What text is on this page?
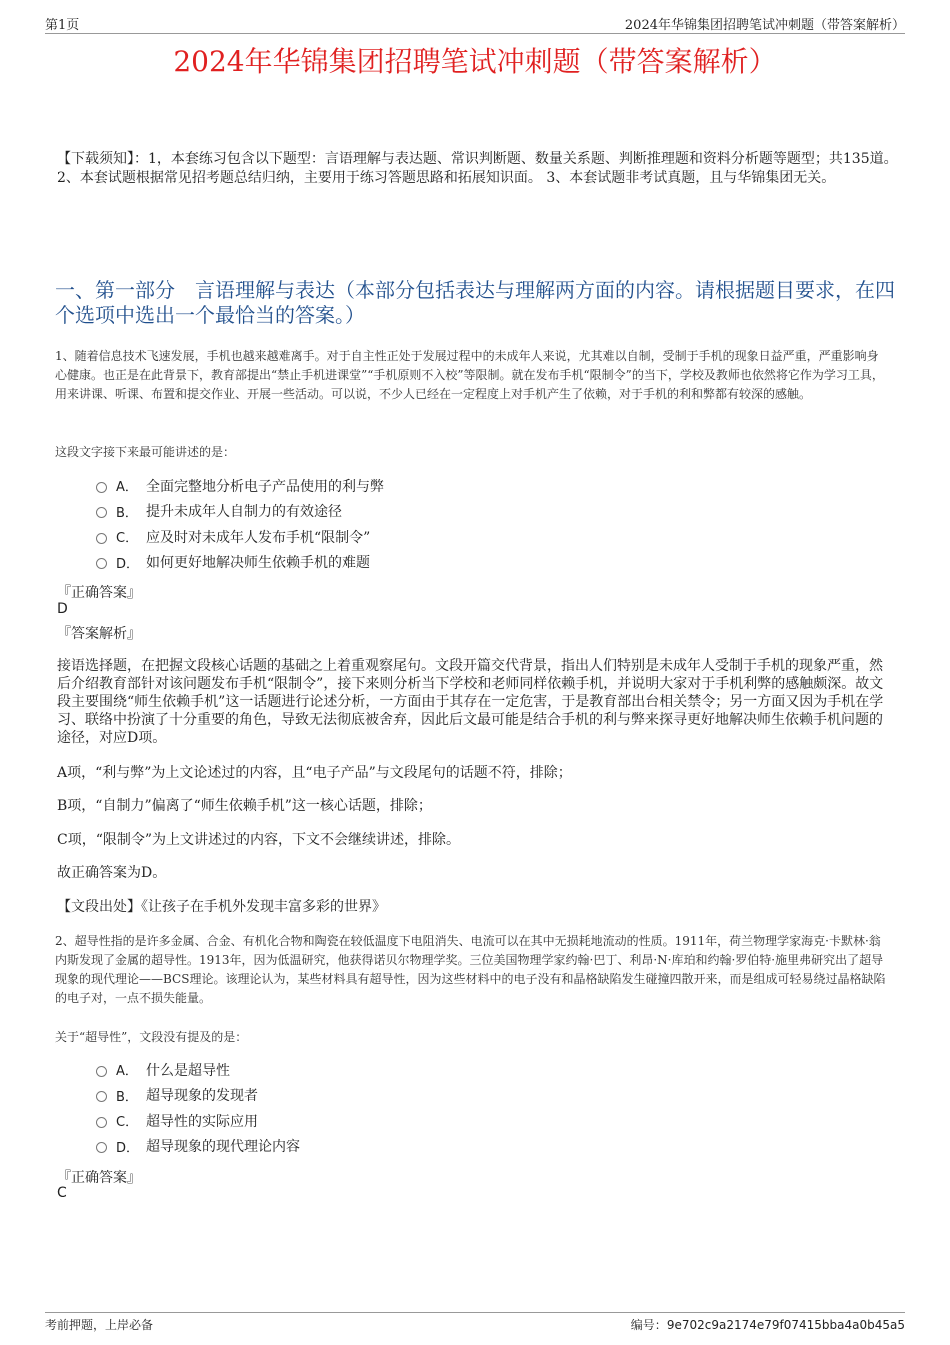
第1页	2024年华锦集团招聘笔试冲刺题（带答案解析）
2024年华锦集团招聘笔试冲刺题（带答案解析）

【下载须知】：1，本套练习包含以下题型：言语理解与表达题、常识判断题、数量关系题、判断推理题和资料分析题等题型；共135道。 2、本套试题根据常见招考题总结归纳，主要用于练习答题思路和拓展知识面。 3、本套试题非考试真题，且与华锦集团无关。

一、第一部分　言语理解与表达（本部分包括表达与理解两方面的内容。请根据题目要求，在四个选项中选出一个最恰当的答案。）

1、随着信息技术飞速发展，手机也越来越难离手。对于自主性正处于发展过程中的未成年人来说，尤其难以自制，受制于手机的现象日益严重，严重影响身心健康。也正是在此背景下，教育部提出“禁止手机进课堂”“手机原则不入校”等限制。就在发布手机“限制令”的当下，学校及教师也依然将它作为学习工具，用来讲课、听课、布置和提交作业、开展一些活动。可以说，不少人已经在一定程度上对手机产生了依赖，对于手机的利和弊都有较深的感触。

这段文字接下来最可能讲述的是：

A． 全面完整地分析电子产品使用的利与弊
B． 提升未成年人自制力的有效途径
C． 应及时对未成年人发布手机“限制令”
D． 如何更好地解决师生依赖手机的难题

『正确答案』

D

『答案解析』

接语选择题，在把握文段核心话题的基础之上着重观察尾句。文段开篇交代背景，指出人们特别是未成年人受制于手机的现象严重，然后介绍教育部针对该问题发布手机“限制令”，接下来则分析当下学校和老师同样依赖手机，并说明大家对于手机利弊的感触颇深。故文段主要围绕“师生依赖手机”这一话题进行论述分析，一方面由于其存在一定危害，于是教育部出台相关禁令；另一方面又因为手机在学习、联络中扮演了十分重要的角色，导致无法彻底被舍弃，因此后文最可能是结合手机的利与弊来探寻更好地解决师生依赖手机问题的途径，对应D项。

A项，“利与弊”为上文论述过的内容，且“电子产品”与文段尾句的话题不符，排除；

B项，“自制力”偏离了“师生依赖手机”这一核心话题，排除；

C项，“限制令”为上文讲述过的内容，下文不会继续讲述，排除。

故正确答案为D。

【文段出处】《让孩子在手机外发现丰富多彩的世界》

2、超导性指的是许多金属、合金、有机化合物和陶瓷在较低温度下电阻消失、电流可以在其中无损耗地流动的性质。1911年，荷兰物理学家海克·卡默林·翁内斯发现了金属的超导性。1913年，因为低温研究，他获得诺贝尔物理学奖。三位美国物理学家约翰·巴丁、利昂·N·库珀和约翰·罗伯特·施里弗研究出了超导现象的现代理论——BCS理论。该理论认为，某些材料具有超导性，因为这些材料中的电子没有和晶格缺陷发生碰撞四散开来，而是组成可轻易绕过晶格缺陷的电子对，一点不损失能量。

关于“超导性”，文段没有提及的是：

A． 什么是超导性
B． 超导现象的发现者
C． 超导性的实际应用
D． 超导现象的现代理论内容

『正确答案』

C

考前押题，上岸必备	编号：9e702c9a2174e79f07415bba4a0b45a5
